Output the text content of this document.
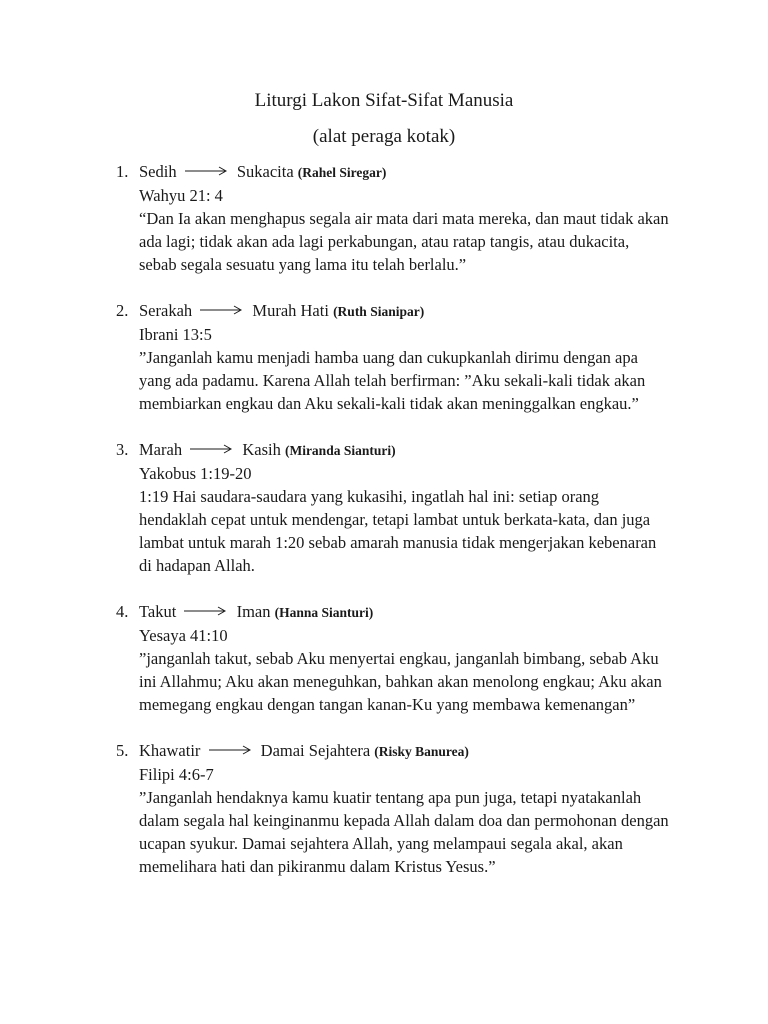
Liturgi Lakon Sifat-Sifat Manusia
(alat peraga kotak)
1. Sedih	Sukacita (Rahel Siregar)
Wahyu 21: 4
“Dan Ia akan menghapus segala air mata dari mata mereka, dan maut tidak akan ada lagi; tidak akan ada lagi perkabungan, atau ratap tangis, atau dukacita, sebab segala sesuatu yang lama itu telah berlalu.”
2. Serakah	Murah Hati (Ruth Sianipar)
Ibrani 13:5
”Janganlah kamu menjadi hamba uang dan cukupkanlah dirimu dengan apa yang ada padamu. Karena Allah telah berfirman: ”Aku sekali-kali tidak akan membiarkan engkau dan Aku sekali-kali tidak akan meninggalkan engkau.”
3. Marah	Kasih (Miranda Sianturi)
Yakobus 1:19-20
1:19 Hai saudara-saudara yang kukasihi, ingatlah hal ini: setiap orang hendaklah cepat untuk mendengar, tetapi lambat untuk berkata-kata, dan juga lambat untuk marah 1:20 sebab amarah manusia tidak mengerjakan kebenaran di hadapan Allah.
4. Takut	Iman (Hanna Sianturi)
Yesaya 41:10
”janganlah takut, sebab Aku menyertai engkau, janganlah bimbang, sebab Aku ini Allahmu; Aku akan meneguhkan, bahkan akan menolong engkau; Aku akan memegang engkau dengan tangan kanan-Ku yang membawa kemenangan”
5. Khawatir	Damai Sejahtera (Risky Banurea)
Filipi 4:6-7
”Janganlah hendaknya kamu kuatir tentang apa pun juga, tetapi nyatakanlah dalam segala hal keinginanmu kepada Allah dalam doa dan permohonan dengan ucapan syukur. Damai sejahtera Allah, yang melampaui segala akal, akan memelihara hati dan pikiranmu dalam Kristus Yesus.”
